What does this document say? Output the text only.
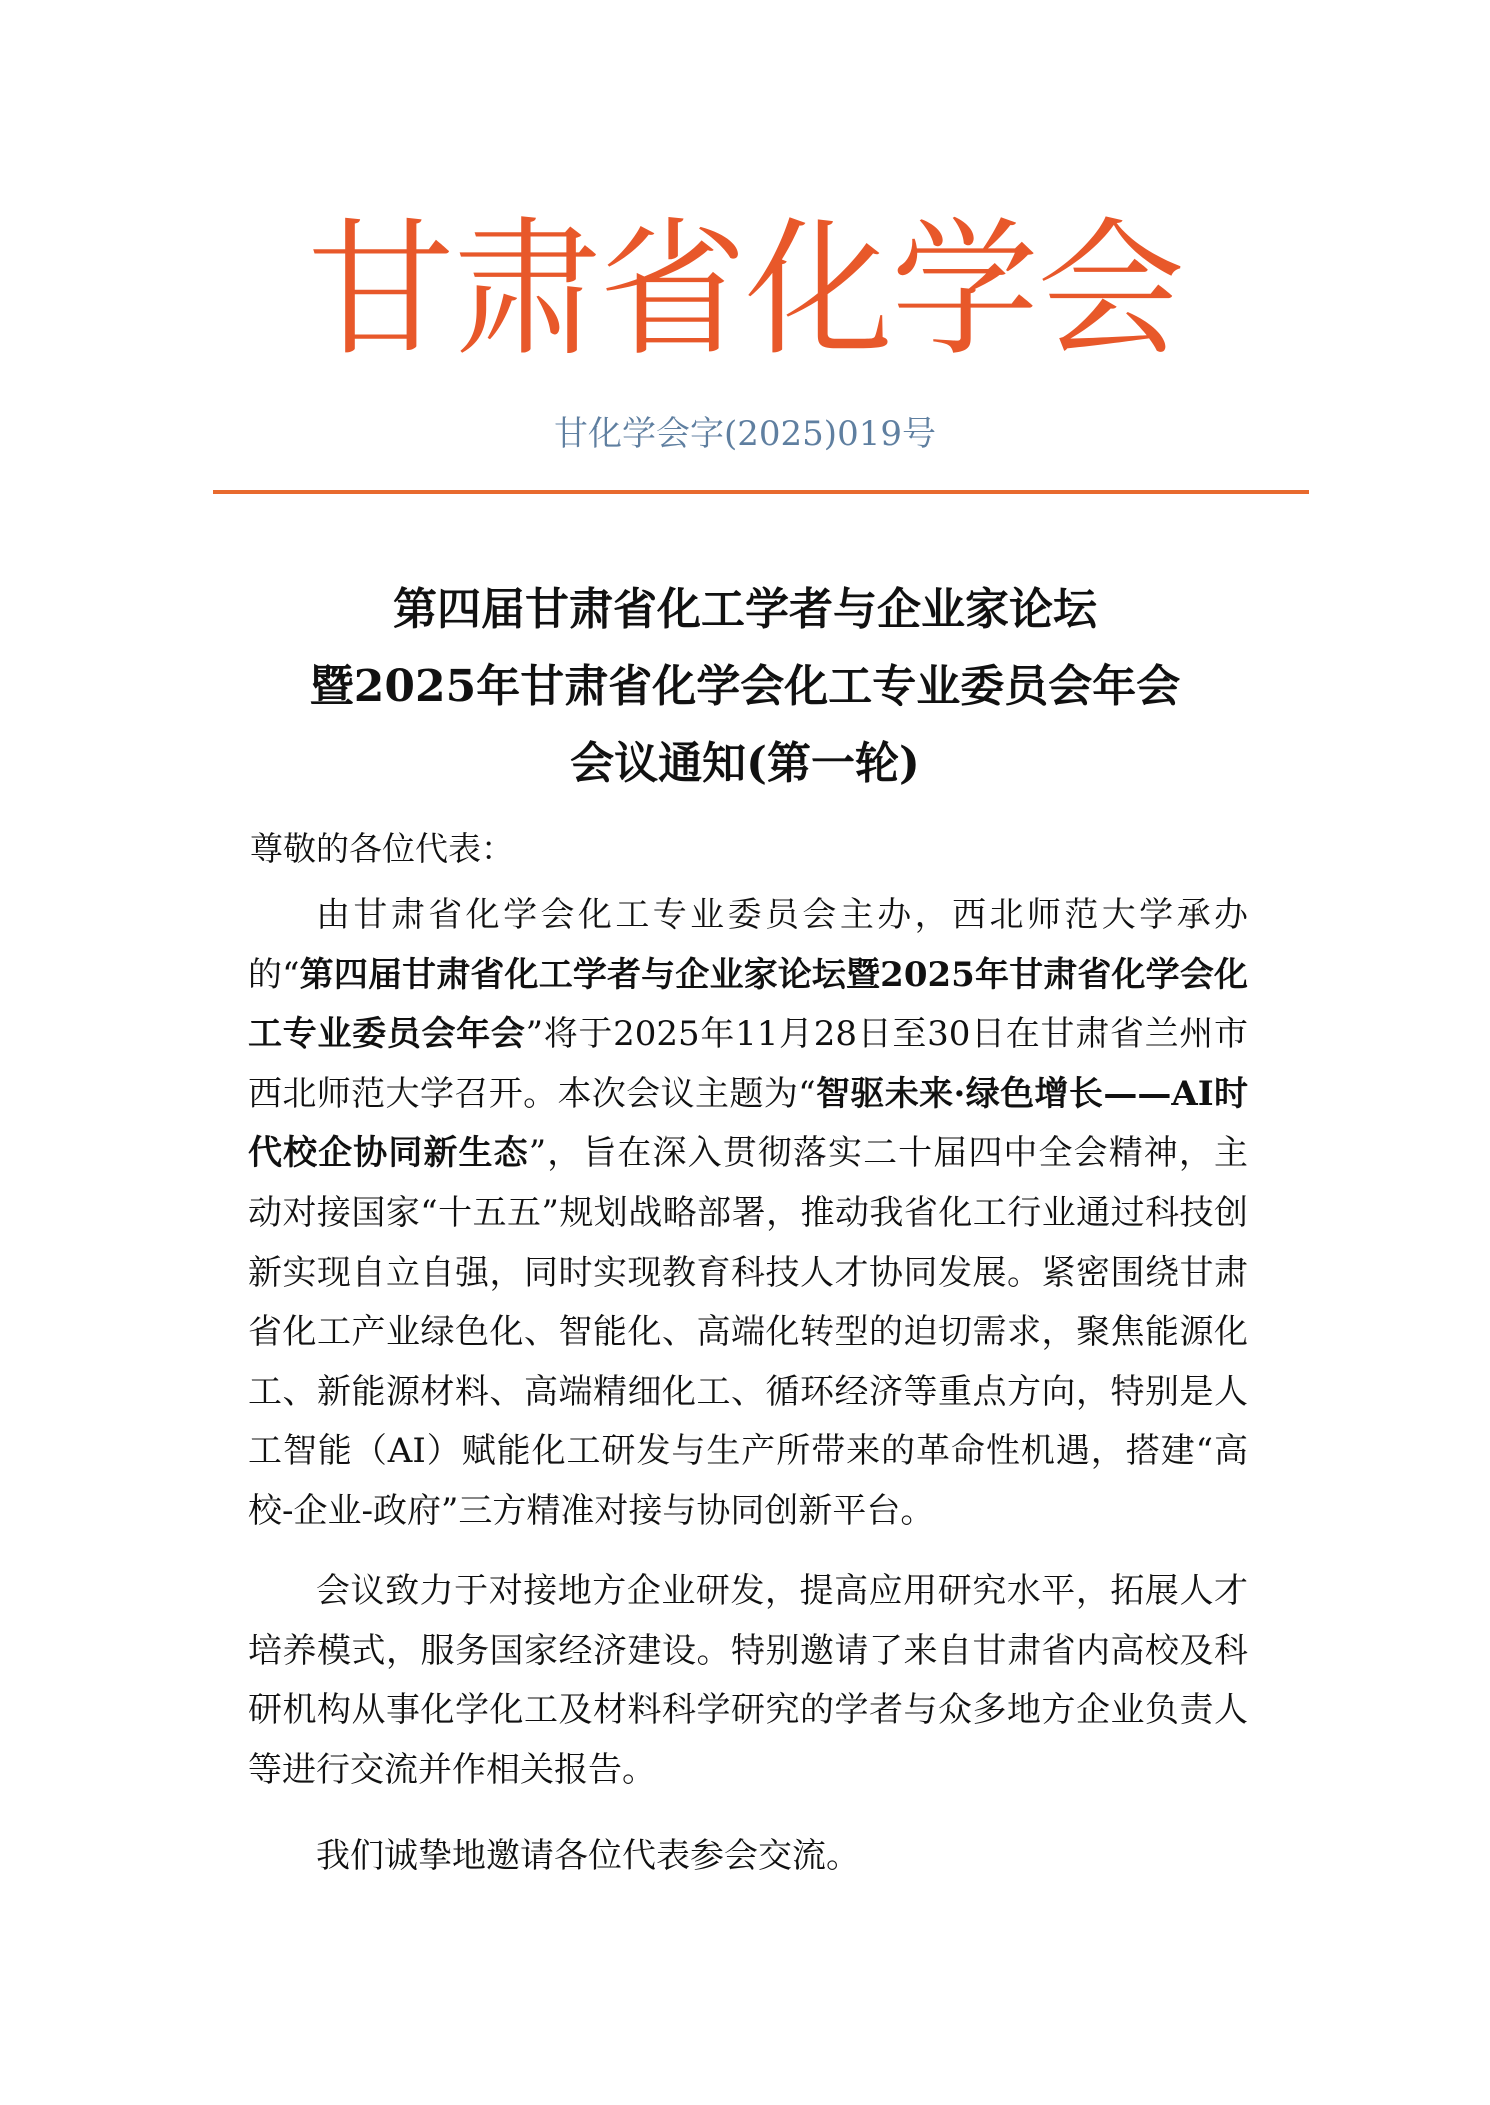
甘肃省化学会
甘化学会字(2025)019号
第四届甘肃省化工学者与企业家论坛
暨2025年甘肃省化学会化工专业委员会年会
会议通知(第一轮)
尊敬的各位代表：

由甘肃省化学会化工专业委员会主办，西北师范大学承办的“第四届甘肃省化工学者与企业家论坛暨2025年甘肃省化学会化工专业委员会年会”将于2025年11月28日至30日在甘肃省兰州市西北师范大学召开。本次会议主题为“智驱未来·绿色增长——AI时代校企协同新生态”，旨在深入贯彻落实二十届四中全会精神，主动对接国家“十五五”规划战略部署，推动我省化工行业通过科技创新实现自立自强，同时实现教育科技人才协同发展。紧密围绕甘肃省化工产业绿色化、智能化、高端化转型的迫切需求，聚焦能源化工、新能源材料、高端精细化工、循环经济等重点方向，特别是人工智能（AI）赋能化工研发与生产所带来的革命性机遇，搭建“高校-企业-政府”三方精准对接与协同创新平台。

会议致力于对接地方企业研发，提高应用研究水平，拓展人才培养模式，服务国家经济建设。特别邀请了来自甘肃省内高校及科研机构从事化学化工及材料科学研究的学者与众多地方企业负责人等进行交流并作相关报告。

我们诚挚地邀请各位代表参会交流。
